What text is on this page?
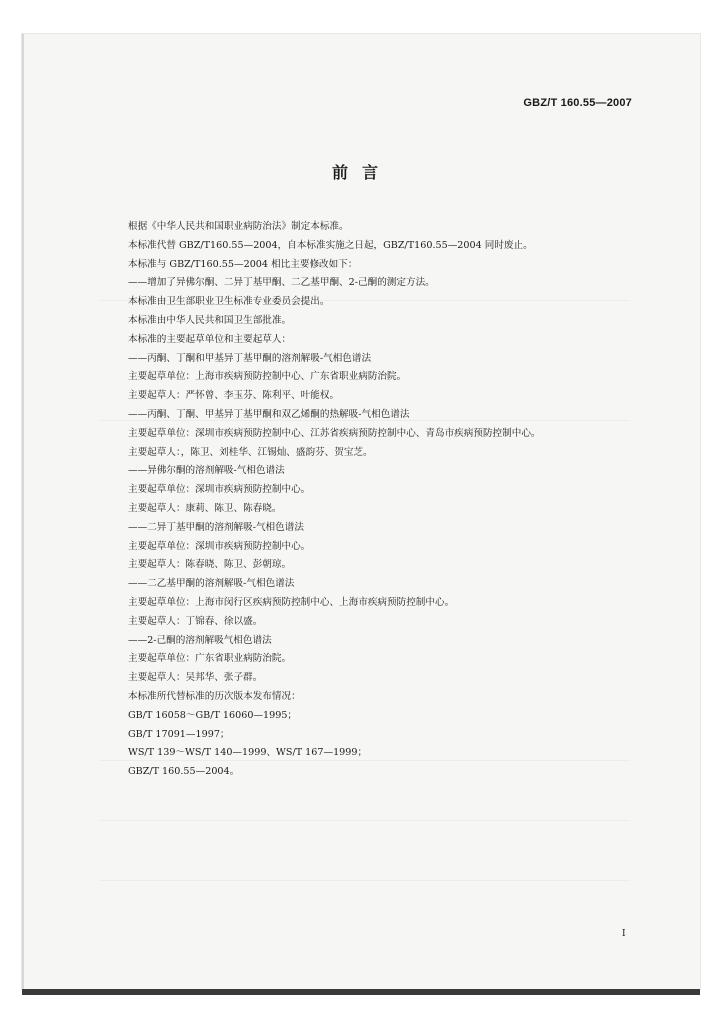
GBZ/T 160.55—2007
前言
根据《中华人民共和国职业病防治法》制定本标准。
本标准代替 GBZ/T160.55—2004，自本标准实施之日起，GBZ/T160.55—2004 同时废止。
本标准与 GBZ/T160.55—2004 相比主要修改如下：
——增加了异佛尔酮、二异丁基甲酮、二乙基甲酮、2-己酮的测定方法。
本标准由卫生部职业卫生标准专业委员会提出。
本标准由中华人民共和国卫生部批准。
本标准的主要起草单位和主要起草人：
——丙酮、丁酮和甲基异丁基甲酮的溶剂解吸-气相色谱法
主要起草单位：上海市疾病预防控制中心、广东省职业病防治院。
主要起草人：严怀曾、李玉芬、陈利平、叶能权。
——丙酮、丁酮、甲基异丁基甲酮和双乙烯酮的热解吸-气相色谱法
主要起草单位：深圳市疾病预防控制中心、江苏省疾病预防控制中心、青岛市疾病预防控制中心。
主要起草人：，陈卫、刘桂华、江锡灿、盛韵芬、贺宝芝。
——异佛尔酮的溶剂解吸-气相色谱法
主要起草单位：深圳市疾病预防控制中心。
主要起草人：康莉、陈卫、陈春晓。
——二异丁基甲酮的溶剂解吸-气相色谱法
主要起草单位：深圳市疾病预防控制中心。
主要起草人：陈春晓、陈卫、彭朝琼。
——二乙基甲酮的溶剂解吸-气相色谱法
主要起草单位：上海市闵行区疾病预防控制中心、上海市疾病预防控制中心。
主要起草人：丁锦春、徐以盛。
——2-己酮的溶剂解吸气相色谱法
主要起草单位：广东省职业病防治院。
主要起草人：吴邦华、张子群。
本标准所代替标准的历次版本发布情况：
GB/T 16058～GB/T 16060—1995；
GB/T 17091—1997；
WS/T 139～WS/T 140—1999、WS/T 167—1999；
GBZ/T 160.55—2004。
I
